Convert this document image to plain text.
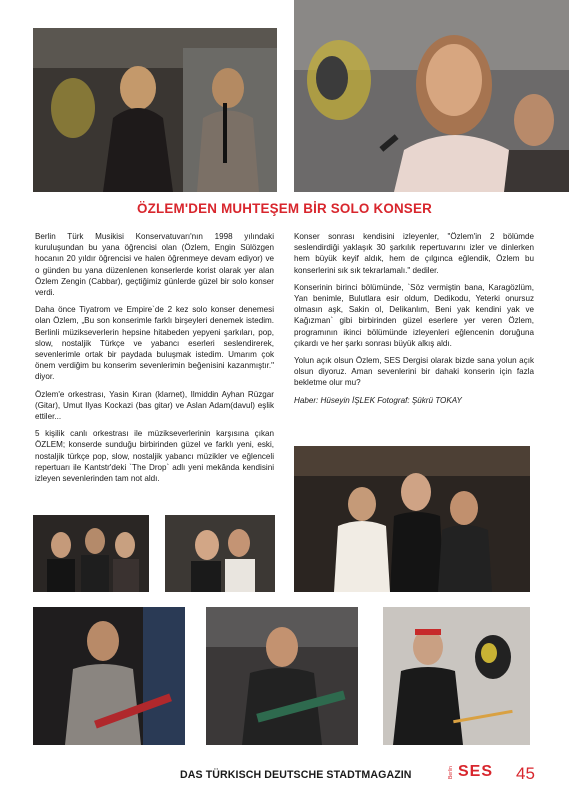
ÖZLEM'DEN MUHTEŞEM BİR SOLO KONSER

Berlin Türk Musikisi Konservatuvarı'nın 1998 yılındaki kuruluşundan bu yana öğrencisi olan (Özlem, Engin Sülözgen hocanın 20 yıldır öğrencisi ve halen öğrenmeye devam ediyor) ve o günden bu yana düzenlenen konserlerde korist olarak yer alan Özlem Zengin (Cabbar), geçtiğimiz günlerde güzel bir solo konser verdi.

Daha önce Tiyatrom ve Empire`de 2 kez solo konser denemesi olan Özlem, „Bu son konserimle farklı birşeyleri denemek istedim. Berlinli müzikseverlerin hepsine hitabeden yepyeni şarkıları, pop, slow, nostaljik Türkçe ve yabancı eserleri seslendirerek, sevenlerimle ortak bir paydada buluşmak istedim. Umarım çok önem verdiğim bu konserim sevenlerimin beğenisini kazanmıştır." diyor.

Özlem'e orkestrası, Yasin Kıran (klarnet), Ilmiddin Ayhan Rüzgar (Gitar), Umut Ilyas Kockazi (bas gitar) ve Aslan Adam(davul) eşlik ettiler...

5 kişilik canlı orkestrası ile müzikseverlerinin karşısına çıkan ÖZLEM; konserde sunduğu birbirinden güzel ve farklı yeni, eski, nostaljik türkçe pop, slow, nostaljik yabancı müzikler ve eğlenceli repertuarı ile Kantstr'deki `The Drop` adlı yeni mekânda kendisini izleyen sevenlerinden tam not aldı.

Konser sonrası kendisini izleyenler, "Özlem'in 2 bölümde seslendirdiği yaklaşık 30 şarkılık repertuvarını izler ve dinlerken hem büyük keyif aldık, hem de çılgınca eğlendik, Özlem bu konserlerini sık sık tekrarlamalı." dediler.

Konserinin birinci bölümünde, `Söz vermiştin bana, Karagözlüm, Yan benimle, Bulutlara esir oldum, Dedikodu, Yeterki onursuz olmasın aşk, Sakin ol, Delikanlım, Beni yak kendini yak ve Kağızman` gibi birbirinden güzel eserlere yer veren Özlem, programının ikinci bölümünde izleyenleri eğlencenin doruğuna çıkardı ve her şarkı sonrası büyük alkış aldı.

Yolun açık olsun Özlem, SES Dergisi olarak bizde sana yolun açık olsun diyoruz. Aman sevenlerini bir dahaki konserin için fazla bekletme olur mu?

Haber: Hüseyin İŞLEK Fotograf: Şükrü TOKAY

DAS TÜRKISCH DEUTSCHE STADTMAGAZIN	Berlin SES 45
